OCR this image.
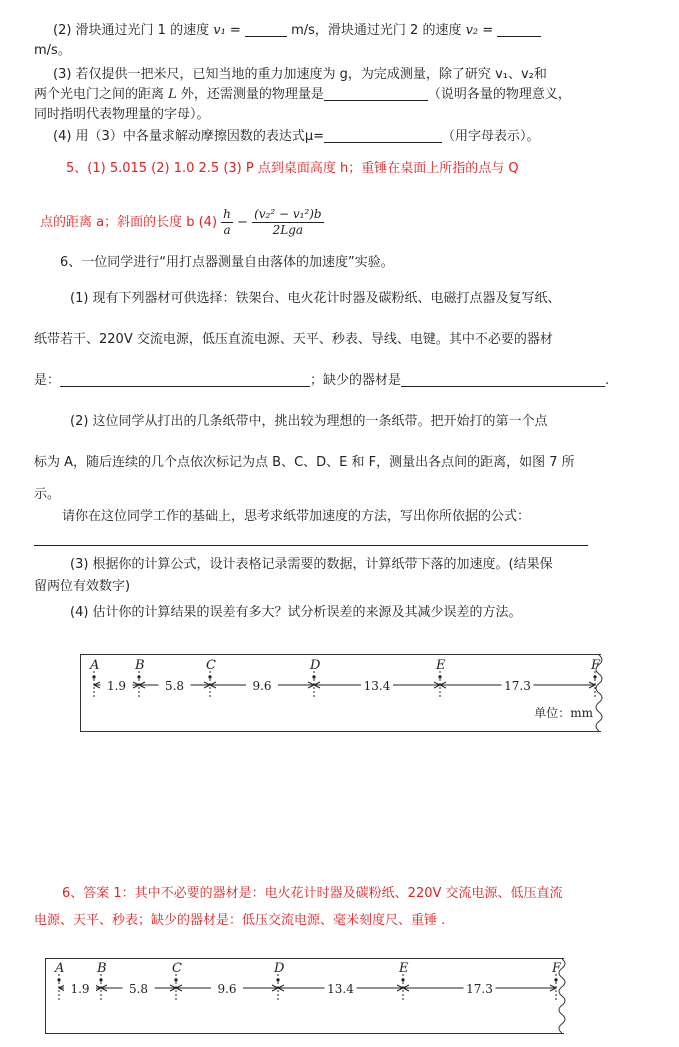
(2) 滑块通过光门 1 的速度 v₁ =	m/s，滑块通过光门 2 的速度 v₂ =
m/s。
(3) 若仅提供一把米尺，已知当地的重力加速度为 g，为完成测量，除了研究 v₁、v₂和
两个光电门之间的距离 L 外，还需测量的物理量是	（说明各量的物理意义，
同时指明代表物理量的字母）。
(4) 用（3）中各量求解动摩擦因数的表达式μ=	（用字母表示）。
5、(1) 5.015 (2) 1.0 2.5 (3) P 点到桌面高度 h；重锤在桌面上所指的点与 Q
点的距离 a；斜面的长度 b $(4) \frac{h}{a} - \frac{\text{(v₂² − v₁²)b}}{\text{2Lga}}$
6、一位同学进行“用打点器测量自由落体的加速度”实验。
(1) 现有下列器材可供选择：铁架台、电火花计时器及碳粉纸、电磁打点器及复写纸、
纸带若干、220V 交流电源，低压直流电源、天平、秒表、导线、电键。其中不必要的器材
是：	；缺少的器材是	.
(2) 这位同学从打出的几条纸带中，挑出较为理想的一条纸带。把开始打的第一个点
标为 A，随后连续的几个点依次标记为点 B、C、D、E 和 F，测量出各点间的距离，如图 7 所
示。
请你在这位同学工作的基础上，思考求纸带加速度的方法，写出你所依据的公式：
(3) 根据你的计算公式，设计表格记录需要的数据，计算纸带下落的加速度。(结果保
留两位有效数字)
(4) 估计你的计算结果的误差有多大？试分析误差的来源及其减少误差的方法。
A	B	C	D	E	F
1.9	5.8	9.6	13.4	17.3
单位：mm
6、答案 1：其中不必要的器材是：电火花计时器及碳粉纸、220V 交流电源、低压直流
电源、天平、秒表；缺少的器材是：低压交流电源、毫米刻度尺、重锤 .
A	B	C	D	E	F
1.9	5.8	9.6	13.4	17.3
